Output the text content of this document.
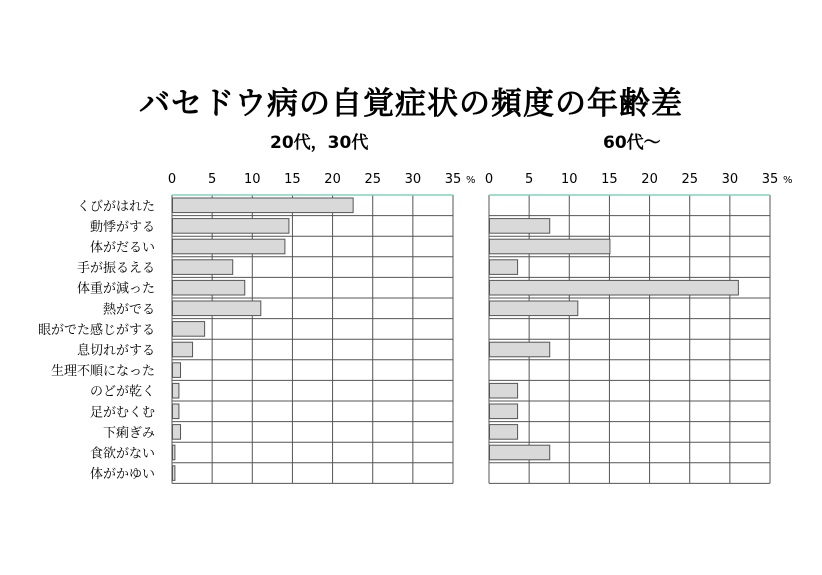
バセドウ病の自覚症状の頻度の年齢差
20代，30代	60代〜
くびがはれた
動悸がする
体がだるい
手が振るえる
体重が減った
熱がでる
眼がでた感じがする
息切れがする
生理不順になった
のどが乾く
足がむくむ
下痢ぎみ
食欲がない
体がかゆい
0 5 10 15 20 25 30 35 % 0 5 10 15 20 25 30 35 %
